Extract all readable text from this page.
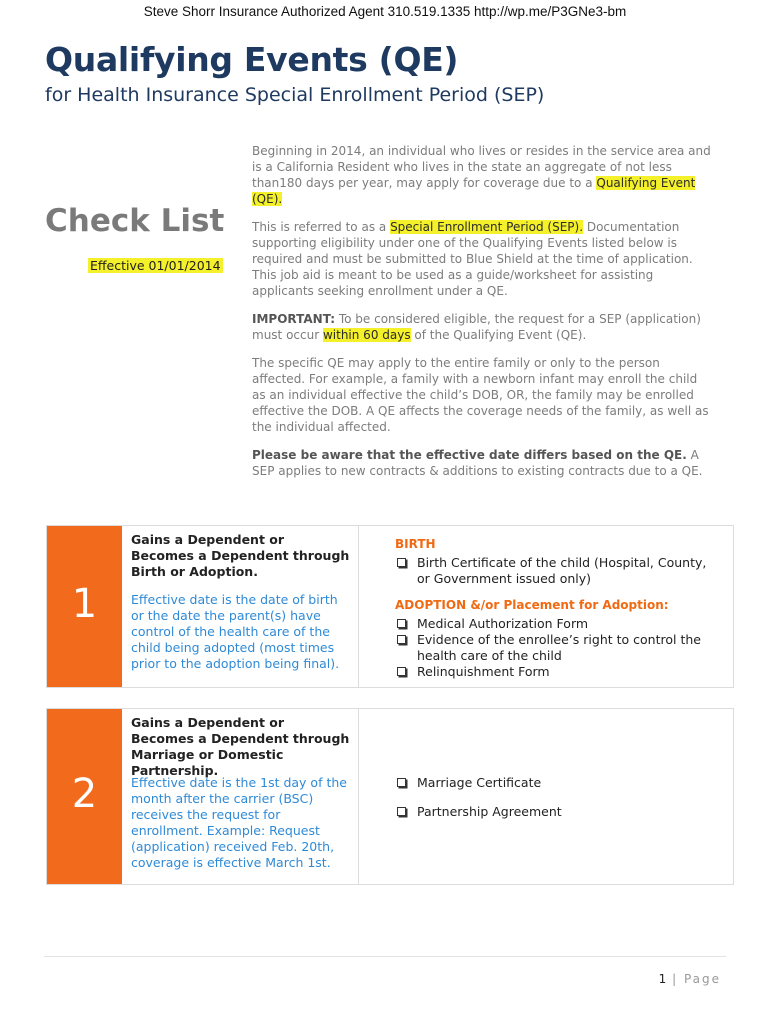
Steve Shorr Insurance Authorized Agent 310.519.1335 http://wp.me/P3GNe3-bm
Qualifying Events (QE)
for Health Insurance Special Enrollment Period (SEP)
Check List
Effective 01/01/2014

Beginning in 2014, an individual who lives or resides in the service area and is a California Resident who lives in the state an aggregate of not less than180 days per year, may apply for coverage due to a Qualifying Event (QE).

This is referred to as a Special Enrollment Period (SEP). Documentation supporting eligibility under one of the Qualifying Events listed below is required and must be submitted to Blue Shield at the time of application. This job aid is meant to be used as a guide/worksheet for assisting applicants seeking enrollment under a QE.

IMPORTANT: To be considered eligible, the request for a SEP (application) must occur within 60 days of the Qualifying Event (QE).

The specific QE may apply to the entire family or only to the person affected. For example, a family with a newborn infant may enroll the child as an individual effective the child’s DOB, OR, the family may be enrolled effective the DOB. A QE affects the coverage needs of the family, as well as the individual affected.

Please be aware that the effective date differs based on the QE. A SEP applies to new contracts & additions to existing contracts due to a QE.

1
Gains a Dependent or Becomes a Dependent through Birth or Adoption.
Effective date is the date of birth or the date the parent(s) have control of the health care of the child being adopted (most times prior to the adoption being final).
BIRTH
Birth Certificate of the child (Hospital, County, or Government issued only)
ADOPTION &/or Placement for Adoption:
Medical Authorization Form
Evidence of the enrollee’s right to control the health care of the child
Relinquishment Form
2
Gains a Dependent or Becomes a Dependent through Marriage or Domestic Partnership.
Effective date is the 1st day of the month after the carrier (BSC) receives the request for enrollment. Example: Request (application) received Feb. 20th, coverage is effective March 1st.
Marriage Certificate
Partnership Agreement
1 | Page
